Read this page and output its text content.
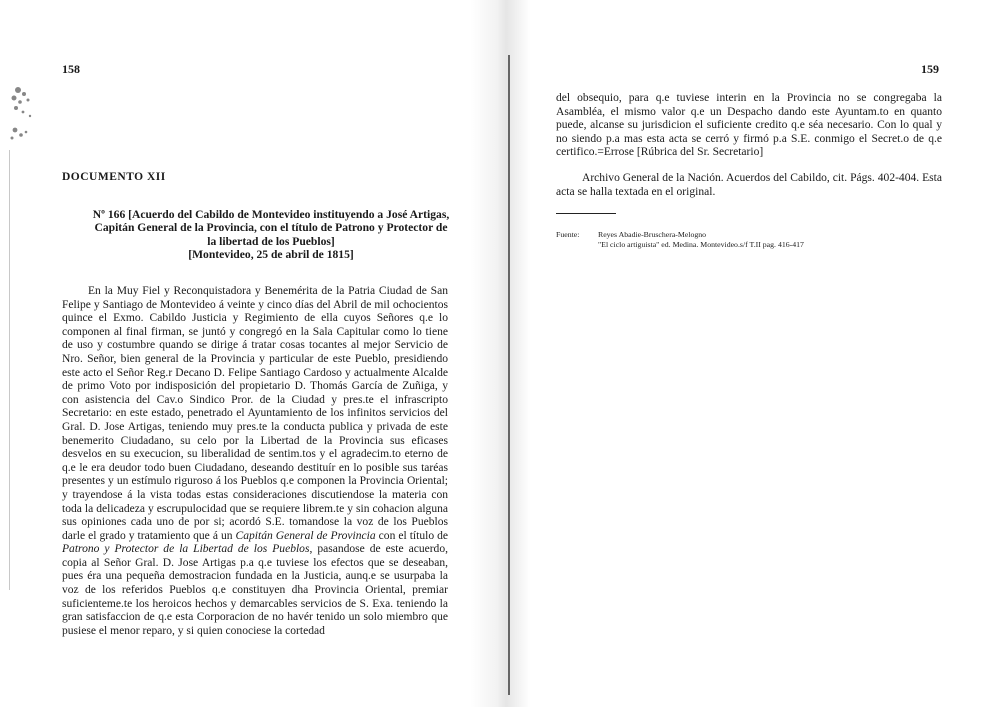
158
DOCUMENTO XII
Nº 166 [Acuerdo del Cabildo de Montevideo instituyendo a José Artigas,
Capitán General de la Provincia, con el título de Patrono y Protector de
la libertad de los Pueblos]
[Montevideo, 25 de abril de 1815]

En la Muy Fiel y Reconquistadora y Benemérita de la Patria Ciudad de San Felipe y Santiago de Montevideo á veinte y cinco días del Abril de mil ochocientos quince el Exmo. Cabildo Justicia y Regimiento de ella cuyos Señores q.e lo componen al final firman, se juntó y congregó en la Sala Capitular como lo tiene de uso y costumbre quando se dirige á tratar cosas tocantes al mejor Servicio de Nro. Señor, bien general de la Provincia y particular de este Pueblo, presidiendo este acto el Señor Reg.r Decano D. Felipe Santiago Cardoso y actualmente Alcalde de primo Voto por indisposición del propietario D. Thomás García de Zuñiga, y con asistencia del Cav.o Sindico Pror. de la Ciudad y pres.te el infrascripto Secretario: en este estado, penetrado el Ayuntamiento de los infinitos servicios del Gral. D. Jose Artigas, teniendo muy pres.te la conducta publica y privada de este benemerito Ciudadano, su celo por la Libertad de la Provincia sus eficases desvelos en su execucion, su liberalidad de sentim.tos y el agradecim.to eterno de q.e le era deudor todo buen Ciudadano, deseando destituír en lo posible sus taréas presentes y un estímulo riguroso á los Pueblos q.e componen la Provincia Oriental; y trayendose á la vista todas estas consideraciones discutiendose la materia con toda la delicadeza y escrupulocidad que se requiere librem.te y sin cohacion alguna sus opiniones cada uno de por si; acordó S.E. tomandose la voz de los Pueblos darle el grado y tratamiento que á un Capitán General de Provincia con el título de Patrono y Protector de la Libertad de los Pueblos, pasandose de este acuerdo, copia al Señor Gral. D. Jose Artigas p.a q.e tuviese los efectos que se deseaban, pues éra una pequeña demostracion fundada en la Justicia, aunq.e se usurpaba la voz de los referidos Pueblos q.e constituyen dha Provincia Oriental, premiar suficienteme.te los heroicos hechos y demarcables servicios de S. Exa. teniendo la gran satisfaccion de q.e esta Corporacion de no havér tenido un solo miembro que pusiese el menor reparo, y si quien conociese la cortedad

159

del obsequio, para q.e tuviese interin en la Provincia no se congregaba la Asambléa, el mismo valor q.e un Despacho dando este Ayuntam.to en quanto puede, alcanse su jurisdicion el suficiente credito q.e séa necesario. Con lo qual y no siendo p.a mas esta acta se cerró y firmó p.a S.E. conmigo el Secret.o de q.e certifico.=Errose [Rúbrica del Sr. Secretario]

Archivo General de la Nación. Acuerdos del Cabildo, cit. Págs. 402-404. Esta acta se halla textada en el original.

Fuente: Reyes Abadie-Bruschera-Melogno
"El ciclo artiguista" ed. Medina. Montevideo.s/f T.II pag. 416-417
